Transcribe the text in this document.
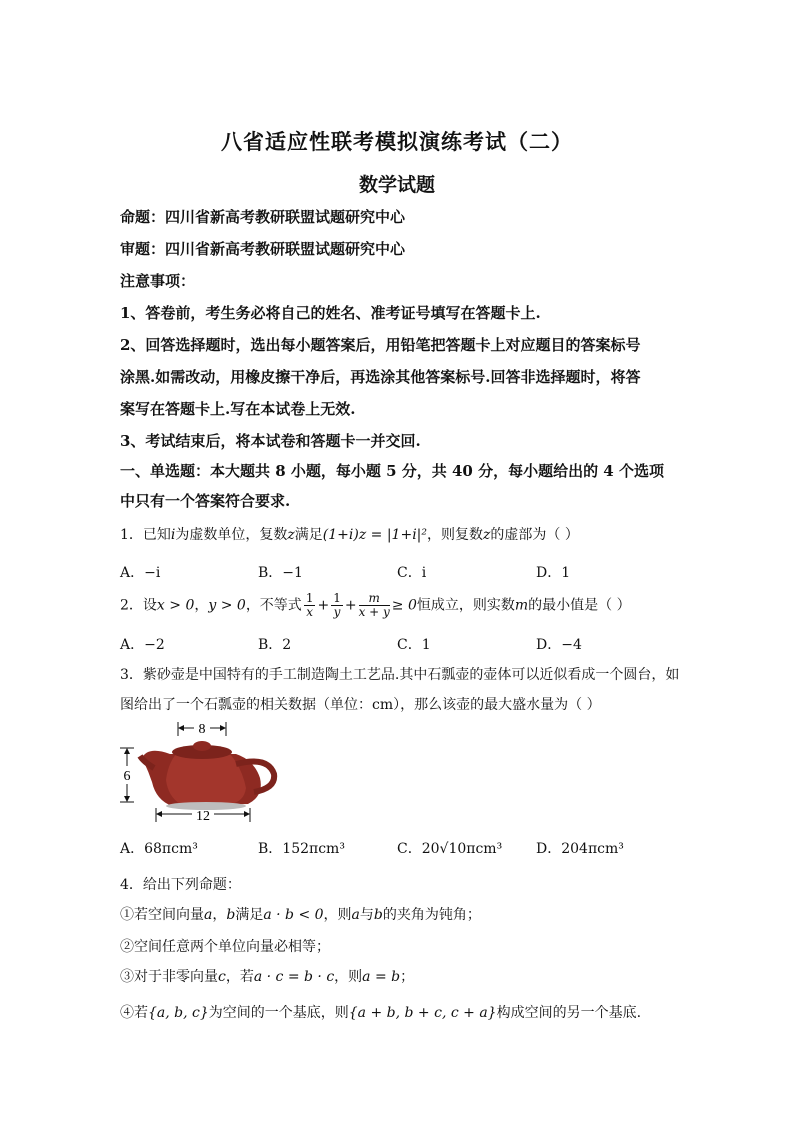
八省适应性联考模拟演练考试（二）
数学试题
命题：四川省新高考教研联盟试题研究中心
审题：四川省新高考教研联盟试题研究中心
注意事项：
1、答卷前，考生务必将自己的姓名、准考证号填写在答题卡上.
2、回答选择题时，选出每小题答案后，用铅笔把答题卡上对应题目的答案标号
涂黑.如需改动，用橡皮擦干净后，再选涂其他答案标号.回答非选择题时，将答
案写在答题卡上.写在本试卷上无效.
3、考试结束后，将本试卷和答题卡一并交回.
一、单选题：本大题共 8 小题，每小题 5 分，共 40 分，每小题给出的 4 个选项
中只有一个答案符合要求.
1．已知i为虚数单位，复数z满足(1+i)z = |1+i|²，则复数z的虚部为（ ）
A．−i	B．−1	C．i	D．1
2．设x > 0，y > 0，不等式 $\frac{1}{x} + \frac{1}{y} + \frac{m}{x + y} \ge 0$恒成立，则实数m的最小值是（ ）
A．−2	B．2	C．1	D．−4
3．紫砂壶是中国特有的手工制造陶土工艺品.其中石瓢壶的壶体可以近似看成一个圆台，如
图给出了一个石瓢壶的相关数据（单位：cm），那么该壶的最大盛水量为（ ）
8
6
12
A．68πcm³	B．152πcm³	C．20√10πcm³ D．204πcm³
4．给出下列命题：
①若空间向量a，b满足a · b < 0，则a与b的夹角为钝角；
②空间任意两个单位向量必相等；
③对于非零向量c，若a · c = b · c，则a = b；
④若{a, b, c}为空间的一个基底，则{a + b, b + c, c + a}构成空间的另一个基底.
